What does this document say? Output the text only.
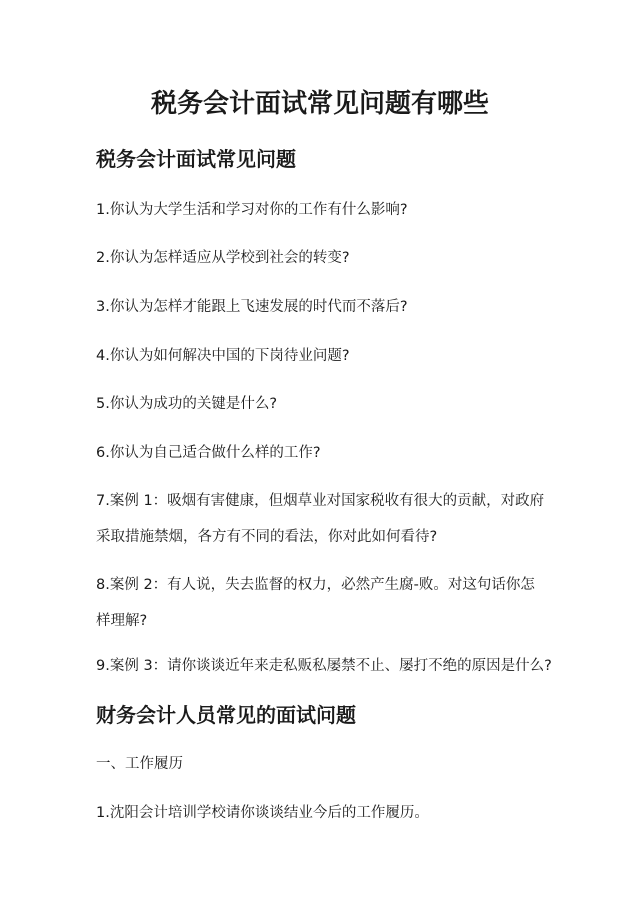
税务会计面试常见问题有哪些
税务会计面试常见问题

1.你认为大学生活和学习对你的工作有什么影响?

2.你认为怎样适应从学校到社会的转变?

3.你认为怎样才能跟上飞速发展的时代而不落后?

4.你认为如何解决中国的下岗待业问题?

5.你认为成功的关键是什么?

6.你认为自己适合做什么样的工作?

7.案例 1：吸烟有害健康，但烟草业对国家税收有很大的贡献，对政府采取措施禁烟，各方有不同的看法，你对此如何看待?

8.案例 2：有人说，失去监督的权力，必然产生腐-败。对这句话你怎样理解?

9.案例 3：请你谈谈近年来走私贩私屡禁不止、屡打不绝的原因是什么?

财务会计人员常见的面试问题

一、工作履历

1.沈阳会计培训学校请你谈谈结业今后的工作履历。
